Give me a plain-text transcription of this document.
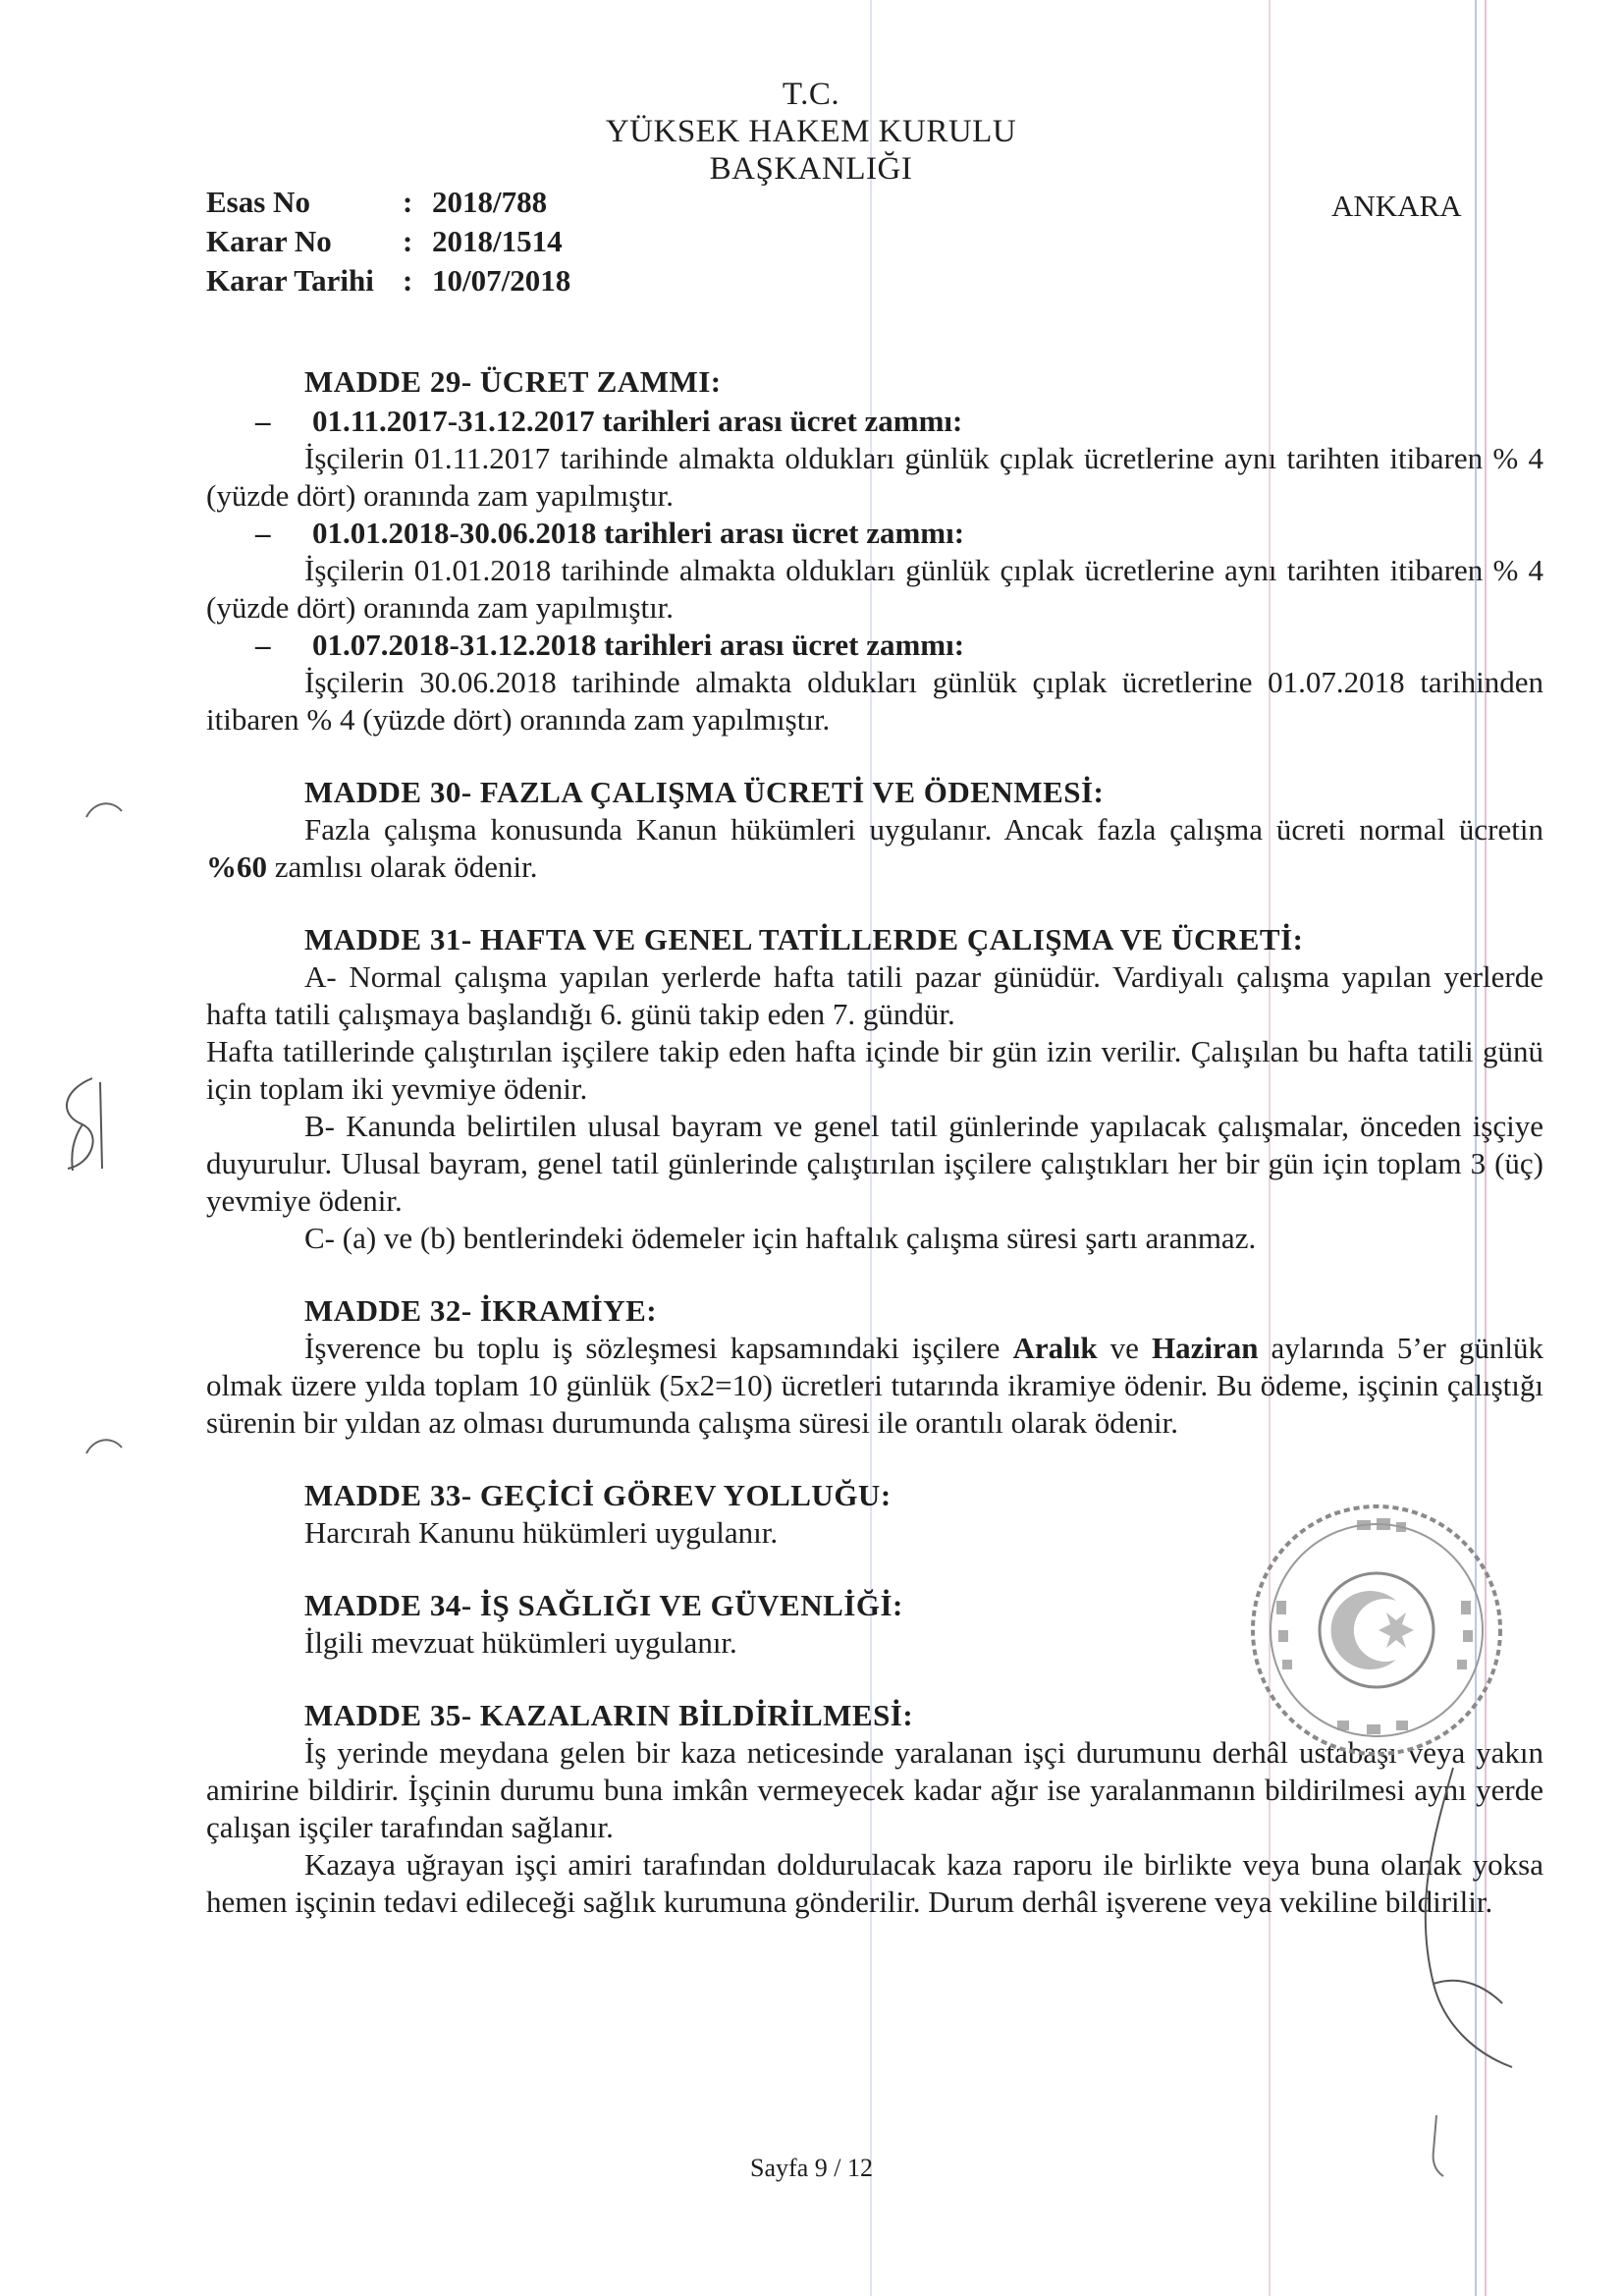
T.C.
YÜKSEK HAKEM KURULU
BAŞKANLIĞI
ANKARA
Esas No	: 2018/788
Karar No : 2018/1514
Karar Tarihi : 10/07/2018
MADDE 29- ÜCRET ZAMMI:
– 01.11.2017-31.12.2017 tarihleri arası ücret zammı:
İşçilerin 01.11.2017 tarihinde almakta oldukları günlük çıplak ücretlerine aynı tarihten itibaren % 4 (yüzde dört) oranında zam yapılmıştır.
– 01.01.2018-30.06.2018 tarihleri arası ücret zammı:
İşçilerin 01.01.2018 tarihinde almakta oldukları günlük çıplak ücretlerine aynı tarihten itibaren % 4 (yüzde dört) oranında zam yapılmıştır.
– 01.07.2018-31.12.2018 tarihleri arası ücret zammı:
İşçilerin 30.06.2018 tarihinde almakta oldukları günlük çıplak ücretlerine 01.07.2018 tarihinden itibaren % 4 (yüzde dört) oranında zam yapılmıştır.
MADDE 30- FAZLA ÇALIŞMA ÜCRETİ VE ÖDENMESİ:
Fazla çalışma konusunda Kanun hükümleri uygulanır. Ancak fazla çalışma ücreti normal ücretin %60 zamlısı olarak ödenir.
MADDE 31- HAFTA VE GENEL TATİLLERDE ÇALIŞMA VE ÜCRETİ:
A- Normal çalışma yapılan yerlerde hafta tatili pazar günüdür. Vardiyalı çalışma yapılan yerlerde hafta tatili çalışmaya başlandığı 6. günü takip eden 7. gündür.
Hafta tatillerinde çalıştırılan işçilere takip eden hafta içinde bir gün izin verilir. Çalışılan bu hafta tatili günü için toplam iki yevmiye ödenir.
B- Kanunda belirtilen ulusal bayram ve genel tatil günlerinde yapılacak çalışmalar, önceden işçiye duyurulur. Ulusal bayram, genel tatil günlerinde çalıştırılan işçilere çalıştıkları her bir gün için toplam 3 (üç) yevmiye ödenir.
C- (a) ve (b) bentlerindeki ödemeler için haftalık çalışma süresi şartı aranmaz.
MADDE 32- İKRAMİYE:
İşverence bu toplu iş sözleşmesi kapsamındaki işçilere Aralık ve Haziran aylarında 5’er günlük olmak üzere yılda toplam 10 günlük (5x2=10) ücretleri tutarında ikramiye ödenir. Bu ödeme, işçinin çalıştığı sürenin bir yıldan az olması durumunda çalışma süresi ile orantılı olarak ödenir.
MADDE 33- GEÇİCİ GÖREV YOLLUĞU:
Harcırah Kanunu hükümleri uygulanır.
MADDE 34- İŞ SAĞLIĞI VE GÜVENLİĞİ:
İlgili mevzuat hükümleri uygulanır.
MADDE 35- KAZALARIN BİLDİRİLMESİ:
İş yerinde meydana gelen bir kaza neticesinde yaralanan işçi durumunu derhâl ustabaşı veya yakın amirine bildirir. İşçinin durumu buna imkân vermeyecek kadar ağır ise yaralanmanın bildirilmesi aynı yerde çalışan işçiler tarafından sağlanır.
Kazaya uğrayan işçi amiri tarafından doldurulacak kaza raporu ile birlikte veya buna olanak yoksa hemen işçinin tedavi edileceği sağlık kurumuna gönderilir. Durum derhâl işverene veya vekiline bildirilir.
Sayfa 9 / 12
